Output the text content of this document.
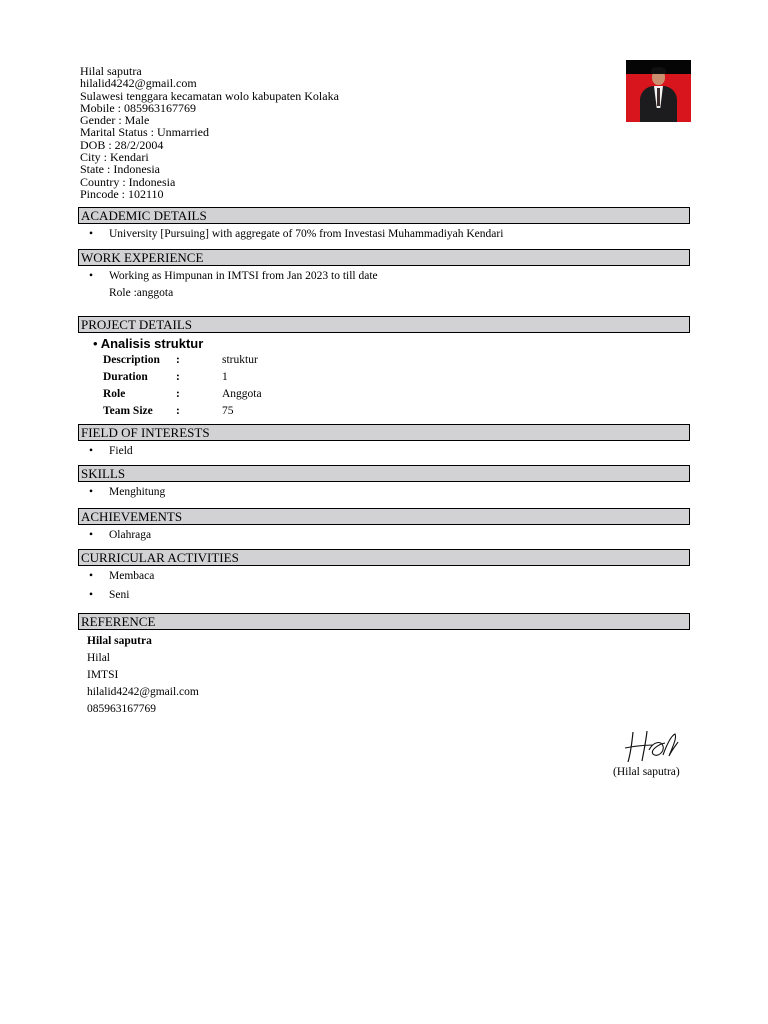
Hilal saputra
hilalid4242@gmail.com
Sulawesi tenggara kecamatan wolo kabupaten Kolaka
Mobile : 085963167769
Gender : Male
Marital Status : Unmarried
DOB : 28/2/2004
City : Kendari
State : Indonesia
Country : Indonesia
Pincode : 102110
ACADEMIC DETAILS
• University [Pursuing] with aggregate of 70% from Investasi Muhammadiyah Kendari
WORK EXPERIENCE
• Working as Himpunan in IMTSI from Jan 2023 to till date
Role :anggota
PROJECT DETAILS
• Analisis struktur
Description :	struktur
Duration :	1
Role	:	Anggota
Team Size :	75
FIELD OF INTERESTS
• Field
SKILLS
• Menghitung
ACHIEVEMENTS
• Olahraga
CURRICULAR ACTIVITIES
• Membaca
• Seni
REFERENCE
Hilal saputra
Hilal
IMTSI
hilalid4242@gmail.com
085963167769
(Hilal saputra)
